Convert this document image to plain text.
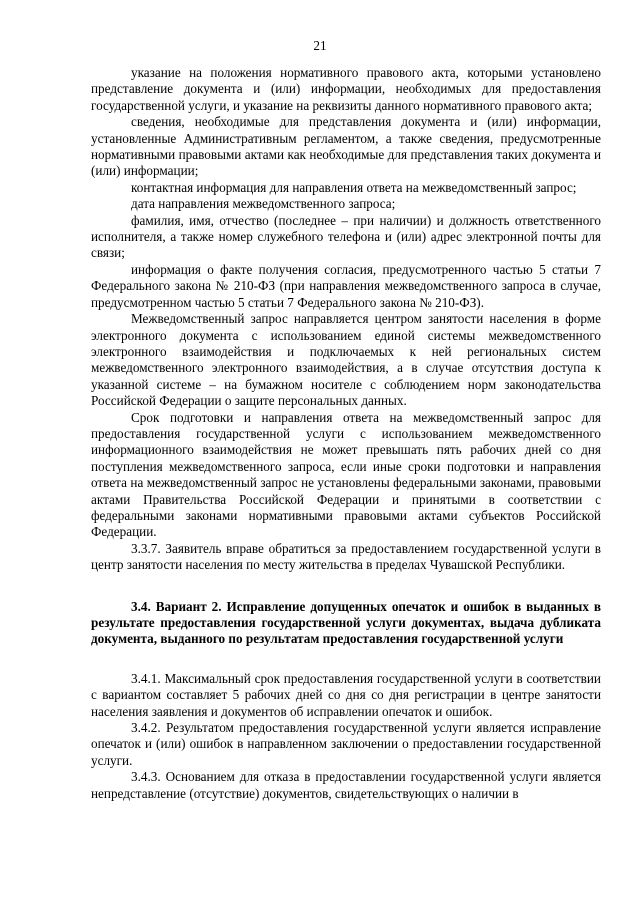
21

указание на положения нормативного правового акта, которыми установлено представление документа и (или) информации, необходимых для предоставления государственной услуги, и указание на реквизиты данного нормативного правового акта;

сведения, необходимые для представления документа и (или) информации, установленные Административным регламентом, а также сведения, предусмотренные нормативными правовыми актами как необходимые для представления таких документа и (или) информации;

контактная информация для направления ответа на межведомственный запрос;

дата направления межведомственного запроса;

фамилия, имя, отчество (последнее – при наличии) и должность ответственного исполнителя, а также номер служебного телефона и (или) адрес электронной почты для связи;

информация о факте получения согласия, предусмотренного частью 5 статьи 7 Федерального закона № 210-ФЗ (при направления межведомственного запроса в случае, предусмотренном частью 5 статьи 7 Федерального закона № 210-ФЗ).

Межведомственный запрос направляется центром занятости населения в форме электронного документа с использованием единой системы межведомственного электронного взаимодействия и подключаемых к ней региональных систем межведомственного электронного взаимодействия, а в случае отсутствия доступа к указанной системе – на бумажном носителе с соблюдением норм законодательства Российской Федерации о защите персональных данных.

Срок подготовки и направления ответа на межведомственный запрос для предоставления государственной услуги с использованием межведомственного информационного взаимодействия не может превышать пять рабочих дней со дня поступления межведомственного запроса, если иные сроки подготовки и направления ответа на межведомственный запрос не установлены федеральными законами, правовыми актами Правительства Российской Федерации и принятыми в соответствии с федеральными законами нормативными правовыми актами субъектов Российской Федерации.

3.3.7. Заявитель вправе обратиться за предоставлением государственной услуги в центр занятости населения по месту жительства в пределах Чувашской Республики.

3.4. Вариант 2. Исправление допущенных опечаток и ошибок в выданных в результате предоставления государственной услуги документах, выдача дубликата документа, выданного по результатам предоставления государственной услуги

3.4.1. Максимальный срок предоставления государственной услуги в соответствии с вариантом составляет 5 рабочих дней со дня со дня регистрации в центре занятости населения заявления и документов об исправлении опечаток и ошибок.

3.4.2. Результатом предоставления государственной услуги является исправление опечаток и (или) ошибок в направленном заключении о предоставлении государственной услуги.

3.4.3. Основанием для отказа в предоставлении государственной услуги является непредставление (отсутствие) документов, свидетельствующих о наличии в
